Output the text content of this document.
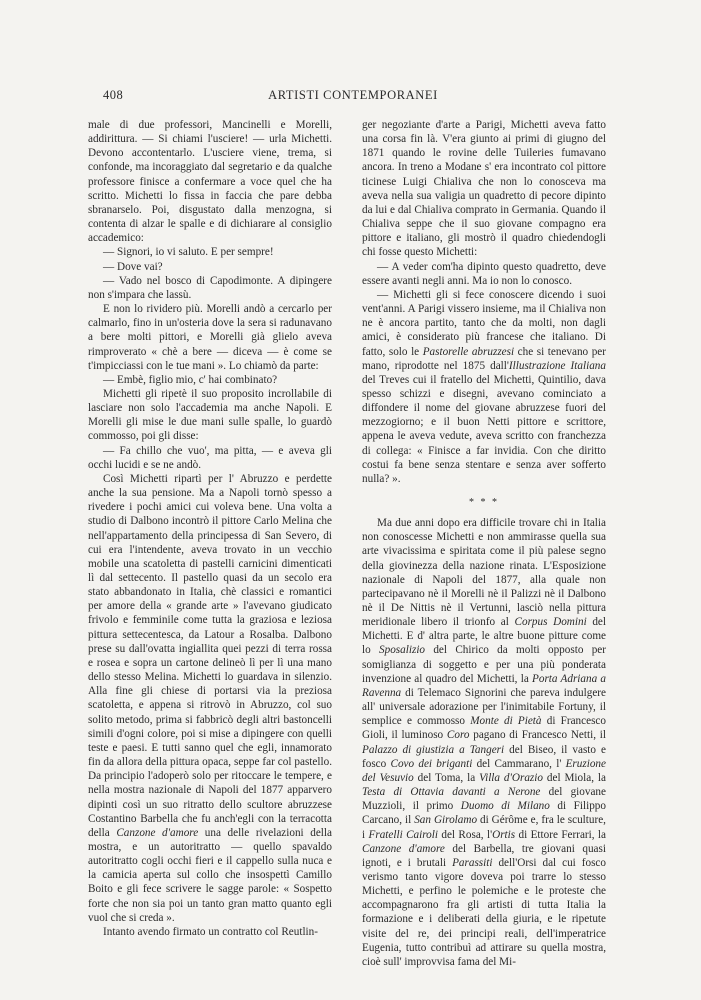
408	ARTISTI CONTEMPORANEI

male di due professori, Mancinelli e Morelli, addirittura. — Si chiami l'usciere! — urla Michetti. Devono accontentarlo. L'usciere viene, trema, si confonde, ma incoraggiato dal segretario e da qualche professore finisce a confermare a voce quel che ha scritto. Michetti lo fissa in faccia che pare debba sbranarselo. Poi, disgustato dalla menzogna, si contenta di alzar le spalle e di dichiarare al consiglio accademico:

— Signori, io vi saluto. E per sempre!

— Dove vai?

— Vado nel bosco di Capodimonte. A dipingere non s'impara che lassù.

E non lo rividero più. Morelli andò a cercarlo per calmarlo, fino in un'osteria dove la sera si radunavano a bere molti pittori, e Morelli già glielo aveva rimproverato « chè a bere — diceva — è come se t'impicciassi con le tue mani ». Lo chiamò da parte:

— Embè, figlio mio, c' hai combinato?

Michetti gli ripetè il suo proposito incrollabile di lasciare non solo l'accademia ma anche Napoli. E Morelli gli mise le due mani sulle spalle, lo guardò commosso, poi gli disse:

— Fa chillo che vuo', ma pitta, — e aveva gli occhi lucidi e se ne andò.

Così Michetti ripartì per l' Abruzzo e perdette anche la sua pensione. Ma a Napoli tornò spesso a rivedere i pochi amici cui voleva bene. Una volta a studio di Dalbono incontrò il pittore Carlo Melina che nell'appartamento della principessa di San Severo, di cui era l'intendente, aveva trovato in un vecchio mobile una scatoletta di pastelli carnicini dimenticati lì dal settecento. Il pastello quasi da un secolo era stato abbandonato in Italia, chè classici e romantici per amore della « grande arte » l'avevano giudicato frivolo e femminile come tutta la graziosa e leziosa pittura settecentesca, da Latour a Rosalba. Dalbono prese su dall'ovatta ingiallita quei pezzi di terra rossa e rosea e sopra un cartone delineò lì per lì una mano dello stesso Melina. Michetti lo guardava in silenzio. Alla fine gli chiese di portarsi via la preziosa scatoletta, e appena si ritrovò in Abruzzo, col suo solito metodo, prima si fabbricò degli altri bastoncelli simili d'ogni colore, poi si mise a dipingere con quelli teste e paesi. E tutti sanno quel che egli, innamorato fin da allora della pittura opaca, seppe far col pastello. Da principio l'adoperò solo per ritoccare le tempere, e nella mostra nazionale di Napoli del 1877 apparvero dipinti così un suo ritratto dello scultore abruzzese Costantino Barbella che fu anch'egli con la terracotta della Canzone d'amore una delle rivelazioni della mostra, e un autoritratto — quello spavaldo autoritratto cogli occhi fieri e il cappello sulla nuca e la camicia aperta sul collo che insospettì Camillo Boito e gli fece scrivere le sagge parole: « Sospetto forte che non sia poi un tanto gran matto quanto egli vuol che si creda ».

Intanto avendo firmato un contratto col Reutlin-

ger negoziante d'arte a Parigi, Michetti aveva fatto una corsa fin là. V'era giunto ai primi di giugno del 1871 quando le rovine delle Tuileries fumavano ancora. In treno a Modane s' era incontrato col pittore ticinese Luigi Chialiva che non lo conosceva ma aveva nella sua valigia un quadretto di pecore dipinto da lui e dal Chialiva comprato in Germania. Quando il Chialiva seppe che il suo giovane compagno era pittore e italiano, gli mostrò il quadro chiedendogli chi fosse questo Michetti:

— A veder com'ha dipinto questo quadretto, deve essere avanti negli anni. Ma io non lo conosco.

— Michetti gli si fece conoscere dicendo i suoi vent'anni. A Parigi vissero insieme, ma il Chialiva non ne è ancora partito, tanto che da molti, non dagli amici, è considerato più francese che italiano. Di fatto, solo le Pastorelle abruzzesi che si tenevano per mano, riprodotte nel 1875 dall'Illustrazione Italiana del Treves cui il fratello del Michetti, Quintilio, dava spesso schizzi e disegni, avevano cominciato a diffondere il nome del giovane abruzzese fuori del mezzogiorno; e il buon Netti pittore e scrittore, appena le aveva vedute, aveva scritto con franchezza di collega: « Finisce a far invidia. Con che diritto costui fa bene senza stentare e senza aver sofferto nulla? ».

* * *

Ma due anni dopo era difficile trovare chi in Italia non conoscesse Michetti e non ammirasse quella sua arte vivacissima e spiritata come il più palese segno della giovinezza della nazione rinata. L'Esposizione nazionale di Napoli del 1877, alla quale non partecipavano nè il Morelli nè il Palizzi nè il Dalbono nè il De Nittis nè il Vertunni, lasciò nella pittura meridionale libero il trionfo al Corpus Domini del Michetti. E d' altra parte, le altre buone pitture come lo Sposalizio del Chirico da molti opposto per somiglianza di soggetto e per una più ponderata invenzione al quadro del Michetti, la Porta Adriana a Ravenna di Telemaco Signorini che pareva indulgere all' universale adorazione per l'inimitabile Fortuny, il semplice e commosso Monte di Pietà di Francesco Gioli, il luminoso Coro pagano di Francesco Netti, il Palazzo di giustizia a Tangeri del Biseo, il vasto e fosco Covo dei briganti del Cammarano, l' Eruzione del Vesuvio del Toma, la Villa d'Orazio del Miola, la Testa di Ottavia davanti a Nerone del giovane Muzzioli, il primo Duomo di Milano di Filippo Carcano, il San Girolamo di Gérôme e, fra le sculture, i Fratelli Cairoli del Rosa, l'Ortis di Ettore Ferrari, la Canzone d'amore del Barbella, tre giovani quasi ignoti, e i brutali Parassiti dell'Orsi dal cui fosco verismo tanto vigore doveva poi trarre lo stesso Michetti, e perfino le polemiche e le proteste che accompagnarono fra gli artisti di tutta Italia la formazione e i deliberati della giuria, e le ripetute visite del re, dei principi reali, dell'imperatrice Eugenia, tutto contribuì ad attirare su quella mostra, cioè sull' improvvisa fama del Mi-
